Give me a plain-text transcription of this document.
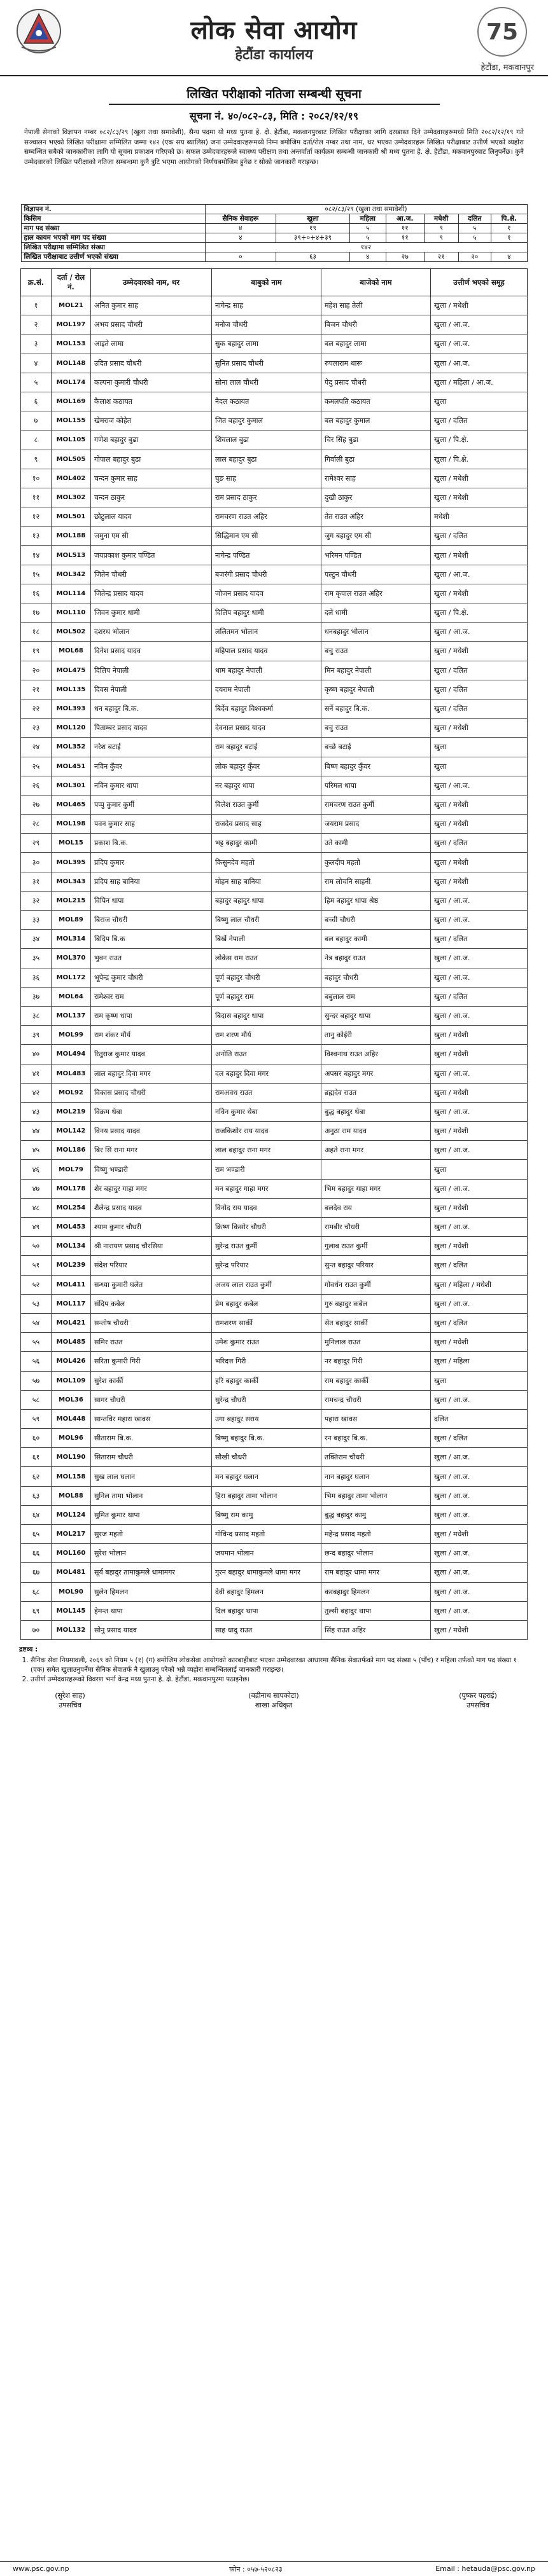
लोक सेवा आयोग
हेटौंडा कार्यालय
75
हेटौंडा, मकवानपुर
लिखित परीक्षाको नतिजा सम्बन्धी सूचना
सूचना नं. ४०/०८२-८३, मिति : २०८२/१२/१९
नेपाली सेनाको विज्ञापन नम्बर ०८२/८३/२९ (खुला तथा समावेशी), सैन्य पदमा यो मध्य पुतना हे. क्षे. हेटौंडा, मकवानपुरबाट लिखित परीक्षाका लागि दरखास्त दिने उम्मेदवारहरूमध्ये मिति २०८२/१२/१९ गते सञ्चालन भएको लिखित परीक्षामा सम्मिलित जम्मा १४२ (एक सय ब्यालिस) जना उम्मेदवारहरूमध्ये निम्न बमोजिम दर्ता/रोल नम्बर तथा नाम, थर भएका उम्मेदवारहरू लिखित परीक्षाबाट उत्तीर्ण भएको व्यहोरा सम्बन्धित सबैको जानकारीका लागि यो सूचना प्रकाशन गरिएको छ। सफल उम्मेदवारहरूले स्वास्थ्य परीक्षण तथा अन्तर्वार्ता कार्यक्रम सम्बन्धी जानकारी श्री मध्य पुतना हे. क्षे. हेटौंडा, मकवानपुरबाट लिनुपर्नेछ। कुनै उम्मेदवारको लिखित परीक्षाको नतिजा सम्बन्धमा कुनै त्रुटि भएमा आयोगको निर्णयबमोजिम हुनेछ र सोको जानकारी गराइन्छ।
विज्ञापन नं.	०८२/८३/२९ (खुला तथा समावेशी)						
किसिम	सैनिक सेवाहरू	खुला	महिला	आ.ज.	मधेशी	दलित	पि.क्षे.
माग पद संख्या	४	१९	५	११	९	५	१
हाल कायम भएको माग पद संख्या	४	३९+०+४+३९	५	११	९	५	१
लिखित परीक्षामा सम्मिलित संख्या	१४२						
लिखित परीक्षाबाट उत्तीर्ण भएको संख्या	०	६३	४	२७	२१	२०	४
क्र.सं.	दर्ता / रोल नं.	उम्मेदवारको नाम, थर	बाबुको नाम	बाजेको नाम	उत्तीर्ण भएको समूह
१	MOL21	अनित कुमार साह	नागेन्द्र साह	महेश साह तेली	खुला / मधेशी
२	MOL197	अभय प्रसाद चौधरी	मनोज चौधरी	बिजन चौधरी	खुला / आ.ज.
३	MOL153	आइते लामा	सुक बहादुर लामा	बल बहादुर लामा	खुला / आ.ज.
४	MOL148	उदित प्रसाद चौधरी	सुनित प्रसाद चौधरी	रुपलाराम थारू	खुला / आ.ज.
५	MOL174	कल्पना कुमारी चौधरी	सोना लाल चौधरी	पेदु प्रसाद चौधरी	खुला / महिला / आ.ज.
६	MOL169	कैलाश कठायत	नैदल कठायत	कमलपति कठायत	खुला
७	MOL155	खेमराज कोहेत	जित बहादुर कुमाल	बल बहादुर कुमाल	खुला / दलित
८	MOL105	गणेश बहादुर बुढा	शिवलाल बुढा	चिर सिंह बुढा	खुला / पि.क्षे.
९	MOL505	गोपाल बहादुर बुढा	लाल बहादुर बुढा	गिर्वाली बुढा	खुला / पि.क्षे.
१०	MOL402	चन्दन कुमार साह	घुङ साह	रामेश्वर साह	खुला / मधेशी
११	MOL302	चन्दन ठाकुर	राम प्रसाद ठाकुर	दुखी ठाकुर	खुला / मधेशी
१२	MOL501	छोटुलाल यादव	रामचरण राउत अहिर	तेत राउत अहिर	मधेशी
१३	MOL188	जमुना एम सी	सिद्धिमान एम सी	जुग बहादुर एम सी	खुला / दलित
१४	MOL513	जयप्रकाश कुमार पण्डित	नागेन्द्र पण्डित	भरिमन पण्डित	खुला / मधेशी
१५	MOL342	जितेन चौधरी	बजरंगी प्रसाद चौधरी	पल्टुन चौधरी	खुला / आ.ज.
१६	MOL114	जितेन्द्र प्रसाद यादव	जोजन प्रसाद यादव	राम कृपाल राउत अहिर	खुला / मधेशी
१७	MOL110	जिवन कुमार धामी	दिलिप बहादुर धामी	दले धामी	खुला / पि.क्षे.
१८	MOL502	दशरथ भोलान	ललितमन भोलान	धनबहादुर भोलान	खुला / आ.ज.
१९	MOL68	दिनेश प्रसाद यादव	महिपाल प्रसाद यादव	बचु राउत	खुला / मधेशी
२०	MOL475	दिलिप नेपाली	धाम बहादुर नेपाली	मिन बहादुर नेपाली	खुला / दलित
२१	MOL135	दिवस नेपाली	दयराम नेपाली	कृष्ण बहादुर नेपाली	खुला / दलित
२२	MOL393	धन बहादुर बि.क.	बिर्देव बहादुर विश्वकर्मा	सर्ने बहादुर बि.क.	खुला / दलित
२३	MOL120	पिताम्बर प्रसाद यादव	देवनाल प्रसाद यादव	बचु राउत	खुला / मधेशी
२४	MOL352	नरेश बटाई	राम बहादुर बटाई	बच्छे बटाई	खुला
२५	MOL451	नविन कुँवर	लोक बहादुर कुँवर	बिष्ण बहादुर कुँवर	खुला
२६	MOL301	नविन कुमार धापा	नर बहादुर धापा	परिमल धापा	खुला / आ.ज.
२७	MOL465	पप्पु कुमार कुर्मी	विलेश राउत कुर्मी	रामचरण राउत कुर्मी	खुला / मधेशी
२८	MOL198	पवन कुमार साह	राजदेव प्रसाद साह	जयराम प्रसाद	खुला / मधेशी
२९	MOL15	प्रकाश बि.क.	भट्ट बहादुर कामी	उते कामी	खुला / दलित
३०	MOL395	प्रदिप कुमार	किसुनदेव महतो	कुलदीप महतो	खुला / मधेशी
३१	MOL343	प्रदिप साह बानिया	मोहन साह बानिया	राम लोचनि साहनी	खुला / मधेशी
३२	MOL215	विपिन धापा	बहादुर बहादुर धापा	हिम बहादुर धापा श्रेष्ठ	खुला / आ.ज.
३३	MOL89	बिराज चौधरी	बिष्णु लाल चौधरी	बच्ची चौधरी	खुला / आ.ज.
३४	MOL314	बिदिप बि.क	बिर्खे नेपाली	बल बहादुर कामी	खुला / दलित
३५	MOL370	भुवन राउत	लोकेस राम राउत	नेत्र बहादुर राउत	खुला / आ.ज.
३६	MOL172	भूपेन्द्र कुमार चौधरी	पूर्ण बहादुर चौधरी	बहादुर चौधरी	खुला / आ.ज.
३७	MOL64	रामेश्वर राम	पूर्ण बहादुर राम	बबुलाल राम	खुला / दलित
३८	MOL137	राम कृष्ण धापा	बिदास बहादुर धापा	सुन्दर बहादुर धापा	खुला / आ.ज.
३९	MOL99	राम शंकर मौर्य	राम शरण मौर्य	तानु कोईरी	खुला / मधेशी
४०	MOL494	रितुराज कुमार यादव	अनोति राउत	विश्वनाथ राउत अहिर	खुला / मधेशी
४१	MOL483	लाल बहादुर दिवा मगर	दल बहादुर दिवा मगर	अपसर बहादुर मगर	खुला / आ.ज.
४२	MOL92	विकास प्रसाद चौधरी	रामअवध राउत	ब्रह्मदेव राउत	खुला / मधेशी
४३	MOL219	विक्रम थेबा	नविन कुमार थेबा	बुद्ध बहादुर थेबा	खुला / आ.ज.
४४	MOL142	विनय प्रसाद यादव	राजकिशोर राय यादव	अनुठा राम यादव	खुला / मधेशी
४५	MOL186	बिर सिं राना मगर	लाल बहादुर राना मगर	अहते राना मगर	खुला / आ.ज.
४६	MOL79	विष्णु भण्डारी	राम भण्डारी		खुला
४७	MOL178	शेर बहादुर गाहा मगर	मन बहादुर गाहा मगर	भिम बहादुर गाहा मगर	खुला / आ.ज.
४८	MOL254	शैलेन्द्र प्रसाद यादव	विनोद राय यादव	बलदेव राय	खुला / मधेशी
४९	MOL453	श्याम कुमार चौधरी	क्रिष्ण किसोर चौधरी	रामबीर चौधरी	खुला / आ.ज.
५०	MOL134	श्री नारायण प्रसाद चौरसिया	सुरेन्द्र राउत कुर्मी	गुलाब राउत कुर्मी	खुला / मधेशी
५१	MOL239	संदेश परियार	सुरेन्द्र परियार	सुन्त बहादुर परियार	खुला / दलित
५२	MOL411	सन्ध्या कुमारी घलेत	अजय लाल राउत कुर्मी	गोवर्धन राउत कुर्मी	खुला / महिला / मधेशी
५३	MOL117	संदिप कबेल	प्रेम बहादुर कबेल	गुरु बहादुर कबेल	खुला / आ.ज.
५४	MOL421	सन्तोष चौधरी	रामशरण सार्की	सेत बहादुर सार्की	खुला / दलित
५५	MOL485	समिर राउत	उमेश कुमार राउत	मुनिलाल राउत	खुला / मधेशी
५६	MOL426	सरिता कुमारी गिरी	भरिदत्त गिरी	नर बहादुर गिरी	खुला / महिला
५७	MOL109	सुरेश कार्की	हरि बहादुर कार्की	राम बहादुर कार्की	खुला
५८	MOL36	सागर चौधरी	सुरेन्द्र चौधरी	रामचन्द्र चौधरी	खुला / आ.ज.
५९	MOL448	सान्तविर महारा खावस	उगा बहादुर सराय	पहारा खावस	दलित
६०	MOL96	सीताराम बि.क.	बिष्णु बहादुर बि.क.	रन बहादुर बि.क.	खुला / दलित
६१	MOL190	सिताराम चौधरी	सौखी चौधरी	तक्तिराम चौधरी	खुला / आ.ज.
६२	MOL158	सुख लाल घलान	मन बहादुर घलान	नान बहादुर घलान	खुला / आ.ज.
६३	MOL88	सुनिल तामा भोलान	हिरा बहादुर तामा भोलान	भिम बहादुर तामा भोलान	खुला / आ.ज.
६४	MOL124	सुमित कुमार थापा	बिष्णु राम कामु	बुद्ध बहादुर कामु	खुला / आ.ज.
६५	MOL217	सुरज महतो	गोविन्द प्रसाद महतो	महेन्द्र प्रसाद महतो	खुला / मधेशी
६६	MOL160	सुरेश भोलान	जयमान भोलान	छन्द बहादुर भोलान	खुला / आ.ज.
६७	MOL481	सूर्य बहादुर तामाकुमले धामामगर	गुरन बहादुर धामाकुमले धामा मगर	राम बहादुर धामा मगर	खुला / आ.ज.
६८	MOL90	सुलेन हिमलन	देवी बहादुर हिमलन	करबहादुर हिमलन	खुला / आ.ज.
६९	MOL145	हेमन्त थापा	दिल बहादुर थापा	तुल्सी बहादुर थापा	खुला / आ.ज.
७०	MOL132	सोनु प्रसाद यादव	साह धादु राउत	सिंह राउत अहिर	खुला / मधेशी
द्रष्टव्य :
1. सैनिक सेवा नियमावली, २०६९ को नियम ५ (१) (ग) बमोजिम लोकसेवा आयोगको कारबाहीबाट भएका उम्मेदवारका आधारमा सैनिक सेवातर्फको माग पद संख्या ५ (पाँच) र महिला तर्फको माग पद संख्या १ (एक) समेत खुलाउनुपर्नेमा सैनिक सेवातर्फ नै खुलाउनु परेको भन्ने व्यहोरा सम्बन्धितलाई जानकारी गराइन्छ।
2. उत्तीर्ण उम्मेदवारहरूको विवरण भर्ना केन्द्र मध्य पुतना हे. क्षे. हेटौंडा, मकवानपुरमा पठाइनेछ।
(सुरेश साह)
उपसचिव
(बद्रीनाथ सापकोटा)
शाखा अधिकृत
(पुष्कर पहराई)
उपसचिव
www.psc.gov.np	फोन : ०५७-५२०८२३	Email : hetauda@psc.gov.np
